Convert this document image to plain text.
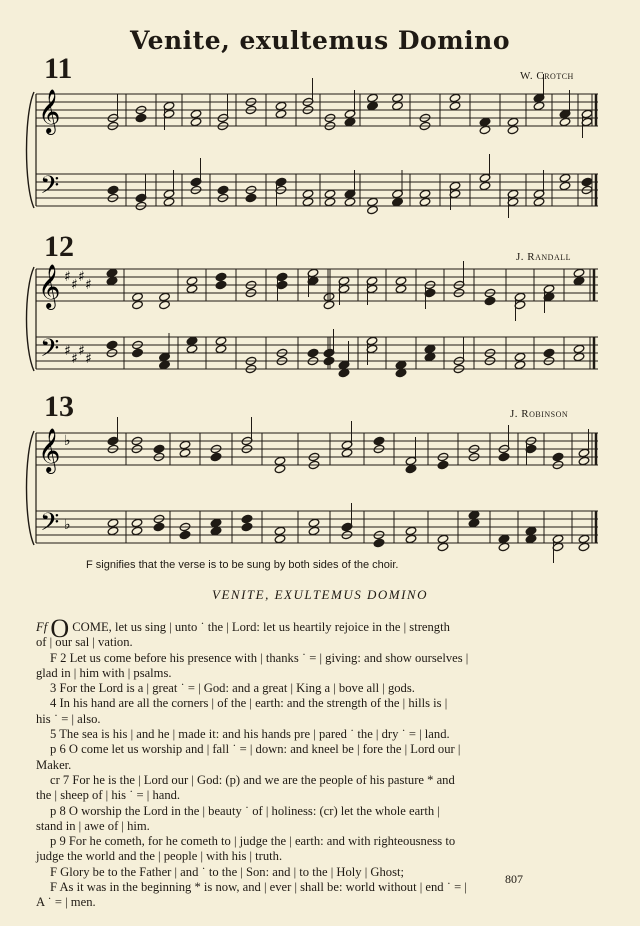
Venite, exultemus Domino
11	W. Crotch
𝄞
𝄢
12	J. Randall
𝄞
𝄢
♯
♯
♯
♯
♯
♯
♯
♯
13	J. Robinson
𝄞
𝄢
♭
♭
F signifies that the verse is to be sung by both sides of the choir.
VENITE, EXULTEMUS DOMINO
Ff O COME, let us sing | unto ˙ the | Lord: let us heartily rejoice in the | strength
of | our sal | vation.
F 2 Let us come before his presence with | thanks ˙ = | giving: and show ourselves |
glad in | him with | psalms.
3 For the Lord is a | great ˙ = | God: and a great | King a | bove all | gods.
4 In his hand are all the corners | of the | earth: and the strength of the | hills is |
his ˙ = | also.
5 The sea is his | and he | made it: and his hands pre | pared ˙ the | dry ˙ = | land.
p 6 O come let us worship and | fall ˙ = | down: and kneel be | fore the | Lord our |
Maker.
cr 7 For he is the | Lord our | God: (p) and we are the people of his pasture * and
the | sheep of | his ˙ = | hand.
p 8 O worship the Lord in the | beauty ˙ of | holiness: (cr) let the whole earth |
stand in | awe of | him.
p 9 For he cometh, for he cometh to | judge the | earth: and with righteousness to
judge the world and the | people | with his | truth.
F Glory be to the Father | and ˙ to the | Son: and | to the | Holy | Ghost;
F As it was in the beginning * is now, and | ever | shall be: world without | end ˙ = |
A ˙ = | men.
807
